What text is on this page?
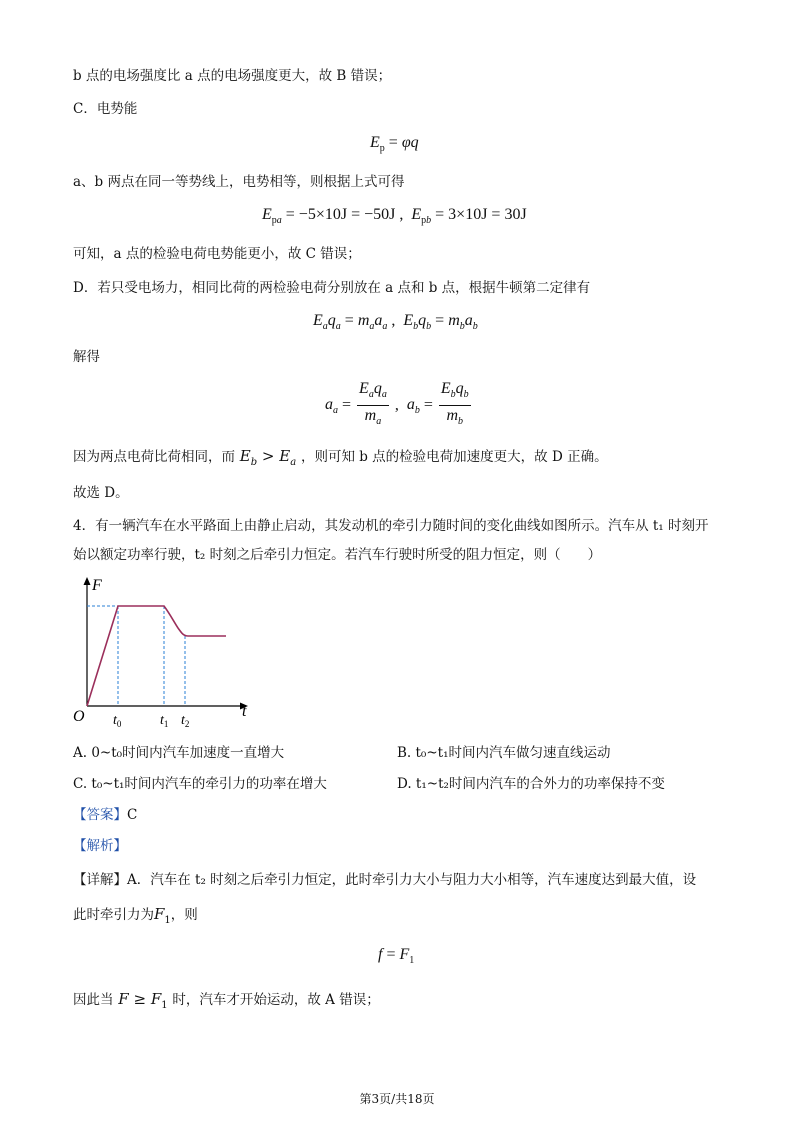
b 点的电场强度比 a 点的电场强度更大，故 B 错误；
C．电势能
$E_p = \varphi q$
a、b 两点在同一等势线上，电势相等，则根据上式可得
$E_{pa} = -5\times 10J = -50J$ ,  $E_{pb} = 3\times 10J = 30J$
可知，a 点的检验电荷电势能更小，故 C 错误；
D．若只受电场力，相同比荷的两检验电荷分别放在 a 点和 b 点，根据牛顿第二定律有
$E_aq_a = m_aa_a$ ,  $E_bq_b = m_ba_b$
解得
$a_a = \frac{E_aq_a}{m_a}$ ,  $a_b = \frac{E_bq_b}{m_b}$
因为两点电荷比荷相同，而 $E_b > E_a$ ，则可知 b 点的检验电荷加速度更大，故 D 正确。
故选 D。
4．有一辆汽车在水平路面上由静止启动，其发动机的牵引力随时间的变化曲线如图所示。汽车从 t₁ 时刻开
始以额定功率行驶，t₂ 时刻之后牵引力恒定。若汽车行驶时所受的阻力恒定，则（　　）
F
t
O $t_0$	$t_1$ $t_2$
A. 0~t₀时间内汽车加速度一直增大	B. t₀~t₁时间内汽车做匀速直线运动
C. t₀~t₁时间内汽车的牵引力的功率在增大	D. t₁~t₂时间内汽车的合外力的功率保持不变
【答案】C
【解析】
【详解】A．汽车在 t₂ 时刻之后牵引力恒定，此时牵引力大小与阻力大小相等，汽车速度达到最大值，设
此时牵引力为$F_1$，则
$f = F_1$
因此当 $F \ge F_1$ 时，汽车才开始运动，故 A 错误；
第3页/共18页
